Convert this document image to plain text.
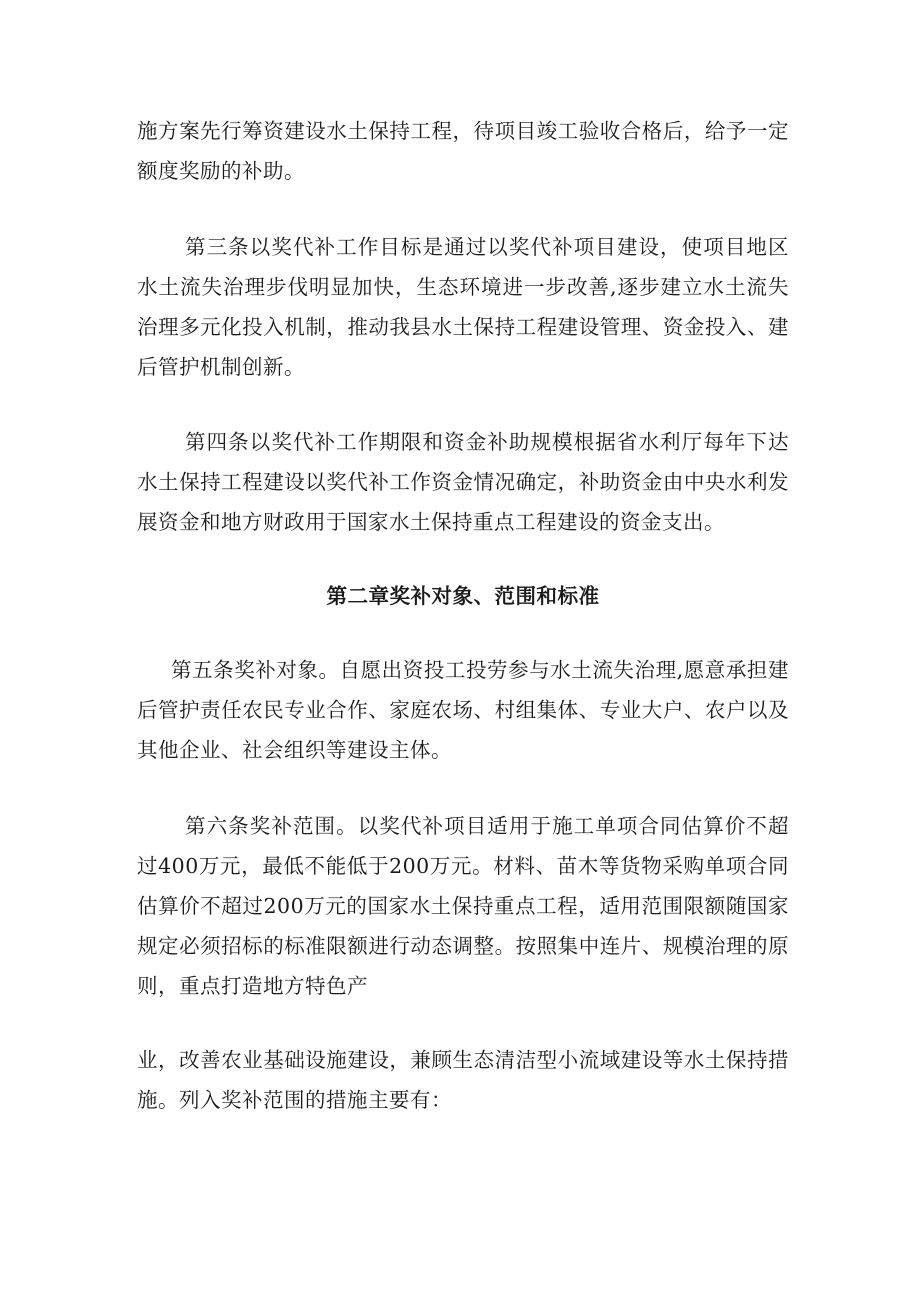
施方案先行筹资建设水土保持工程，待项目竣工验收合格后，给予一定额度奖励的补助。

第三条以奖代补工作目标是通过以奖代补项目建设，使项目地区水土流失治理步伐明显加快，生态环境进一步改善,逐步建立水土流失治理多元化投入机制，推动我县水土保持工程建设管理、资金投入、建后管护机制创新。

第四条以奖代补工作期限和资金补助规模根据省水利厅每年下达水土保持工程建设以奖代补工作资金情况确定，补助资金由中央水利发展资金和地方财政用于国家水土保持重点工程建设的资金支出。

第二章奖补对象、范围和标准

第五条奖补对象。自愿出资投工投劳参与水土流失治理,愿意承担建后管护责任农民专业合作、家庭农场、村组集体、专业大户、农户以及其他企业、社会组织等建设主体。

第六条奖补范围。以奖代补项目适用于施工单项合同估算价不超过400万元，最低不能低于200万元。材料、苗木等货物采购单项合同估算价不超过200万元的国家水土保持重点工程，适用范围限额随国家规定必须招标的标准限额进行动态调整。按照集中连片、规模治理的原则，重点打造地方特色产

业，改善农业基础设施建设，兼顾生态清洁型小流域建设等水土保持措施。列入奖补范围的措施主要有：
